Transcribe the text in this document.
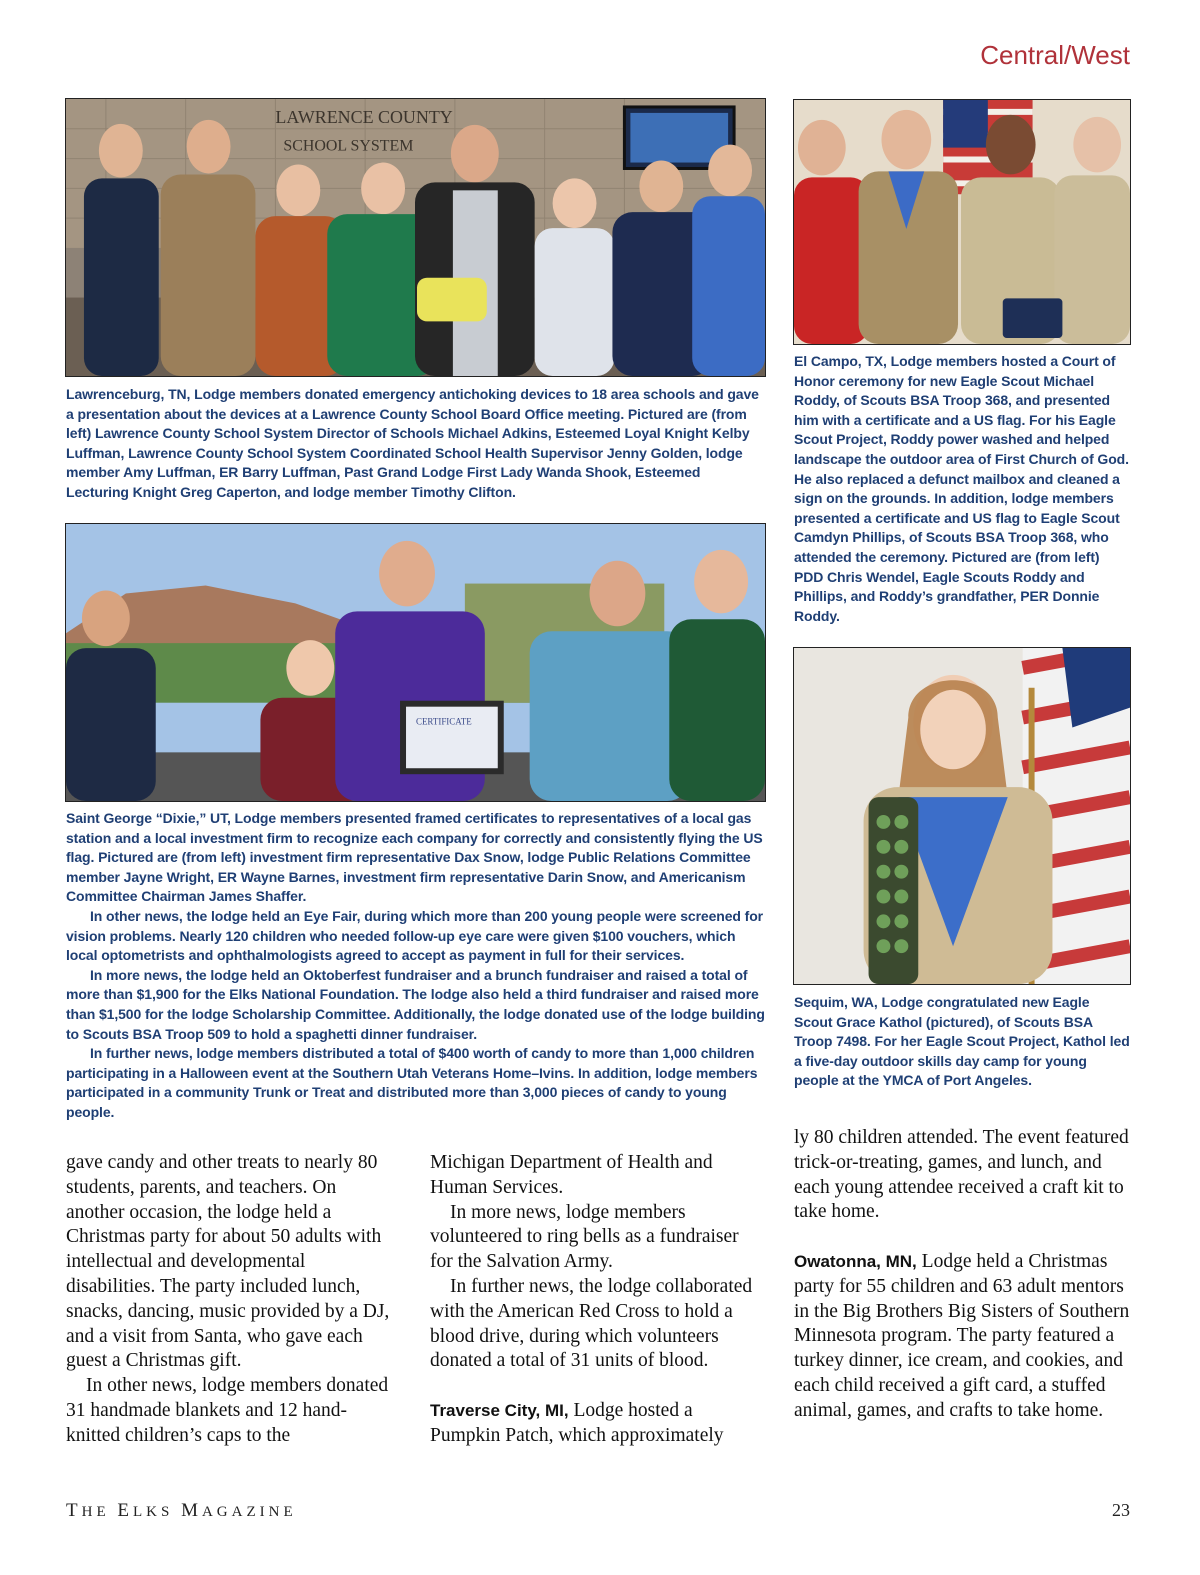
Central/West
LAWRENCE COUNTY
SCHOOL SYSTEM

Lawrenceburg, TN, Lodge members donated emergency antichoking devices to 18 area schools and gave a presentation about the devices at a Lawrence County School Board Office meeting. Pictured are (from left) Lawrence County School System Director of Schools Michael Adkins, Esteemed Loyal Knight Kelby Luffman, Lawrence County School System Coordinated School Health Supervisor Jenny Golden, lodge member Amy Luffman, ER Barry Luffman, Past Grand Lodge First Lady Wanda Shook, Esteemed Lecturing Knight Greg Caperton, and lodge member Timothy Clifton.

El Campo, TX, Lodge members hosted a Court of Honor ceremony for new Eagle Scout Michael Roddy, of Scouts BSA Troop 368, and presented him with a certificate and a US flag. For his Eagle Scout Project, Roddy power washed and helped landscape the outdoor area of First Church of God. He also replaced a defunct mailbox and cleaned a sign on the grounds. In addition, lodge members presented a certificate and US flag to Eagle Scout Camdyn Phillips, of Scouts BSA Troop 368, who attended the ceremony. Pictured are (from left) PDD Chris Wendel, Eagle Scouts Roddy and Phillips, and Roddy’s grandfather, PER Donnie Roddy.

CERTIFICATE

Saint George “Dixie,” UT, Lodge members presented framed certificates to representatives of a local gas station and a local investment firm to recognize each company for correctly and consistently flying the US flag. Pictured are (from left) investment firm representative Dax Snow, lodge Public Relations Committee member Jayne Wright, ER Wayne Barnes, investment firm representative Darin Snow, and Americanism Committee Chairman James Shaffer.

In other news, the lodge held an Eye Fair, during which more than 200 young people were screened for vision problems. Nearly 120 children who needed follow-up eye care were given $100 vouchers, which local optometrists and ophthalmologists agreed to accept as payment in full for their services.

In more news, the lodge held an Oktoberfest fundraiser and a brunch fundraiser and raised a total of more than $1,900 for the Elks National Foundation. The lodge also held a third fundraiser and raised more than $1,500 for the lodge Scholarship Committee. Additionally, the lodge donated use of the lodge building to Scouts BSA Troop 509 to hold a spaghetti dinner fundraiser.

In further news, lodge members distributed a total of $400 worth of candy to more than 1,000 children participating in a Halloween event at the Southern Utah Veterans Home–Ivins. In addition, lodge members participated in a community Trunk or Treat and distributed more than 3,000 pieces of candy to young people.

Sequim, WA, Lodge congratulated new Eagle Scout Grace Kathol (pictured), of Scouts BSA Troop 7498. For her Eagle Scout Project, Kathol led a five-day outdoor skills day camp for young people at the YMCA of Port Angeles.

gave candy and other treats to nearly 80 students, parents, and teachers. On another occasion, the lodge held a Christmas party for about 50 adults with intellectual and developmental disabilities. The party included lunch, snacks, dancing, music provided by a DJ, and a visit from Santa, who gave each guest a Christmas gift.

In other news, lodge members donated 31 handmade blankets and 12 hand-knitted children’s caps to the

Michigan Department of Health and Human Services.

In more news, lodge members volunteered to ring bells as a fundraiser for the Salvation Army.

In further news, the lodge collaborated with the American Red Cross to hold a blood drive, during which volunteers donated a total of 31 units of blood.

Traverse City, MI, Lodge hosted a Pumpkin Patch, which approximately

ly 80 children attended. The event featured trick-or-treating, games, and lunch, and each young attendee received a craft kit to take home.

Owatonna, MN, Lodge held a Christmas party for 55 children and 63 adult mentors in the Big Brothers Big Sisters of Southern Minnesota program. The party featured a turkey dinner, ice cream, and cookies, and each child received a gift card, a stuffed animal, games, and crafts to take home.

THE ELKS MAGAZINE	23
